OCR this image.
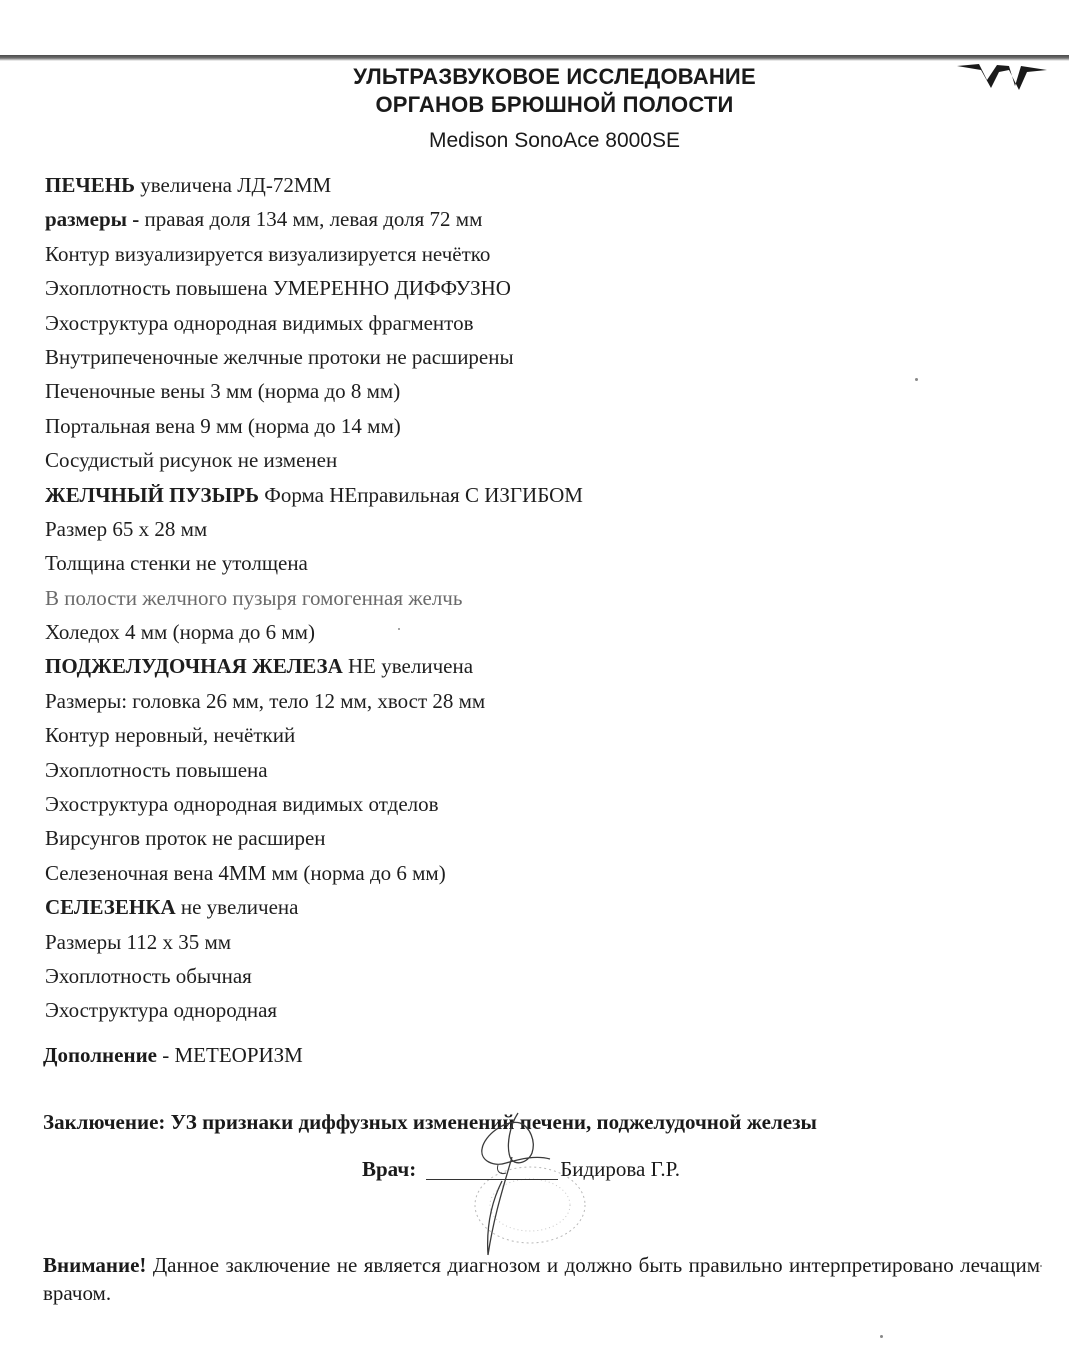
УЛЬТРАЗВУКОВОЕ ИССЛЕДОВАНИЕ
ОРГАНОВ БРЮШНОЙ ПОЛОСТИ
Medison SonoAce 8000SE
ПЕЧЕНЬ увеличена ЛД-72ММ
размеры - правая доля 134 мм, левая доля 72 мм
Контур визуализируется визуализируется нечётко
Эхоплотность повышена УМЕРЕННО ДИФФУЗНО
Эхоструктура однородная видимых фрагментов
Внутрипеченочные желчные протоки не расширены
Печеночные вены 3 мм (норма до 8 мм)
Портальная вена 9 мм (норма до 14 мм)
Сосудистый рисунок не изменен
ЖЕЛЧНЫЙ ПУЗЫРЬ Форма НЕправильная С ИЗГИБОМ
Размер 65 х 28 мм
Толщина стенки не утолщена
В полости желчного пузыря гомогенная желчь
Холедох 4 мм (норма до 6 мм)
ПОДЖЕЛУДОЧНАЯ ЖЕЛЕЗА НЕ увеличена
Размеры: головка 26 мм, тело 12 мм, хвост 28 мм
Контур неровный, нечёткий
Эхоплотность повышена
Эхоструктура однородная видимых отделов
Вирсунгов проток не расширен
Селезеночная вена 4ММ мм (норма до 6 мм)
СЕЛЕЗЕНКА не увеличена
Размеры 112 х 35 мм
Эхоплотность обычная
Эхоструктура однородная
Дополнение - МЕТЕОРИЗМ
Заключение: УЗ признаки диффузных изменений печени, поджелудочной железы
Врач:	Бидирова Г.Р.
Внимание! Данное заключение не является диагнозом и должно быть правильно интерпретировано лечащим врачом.
